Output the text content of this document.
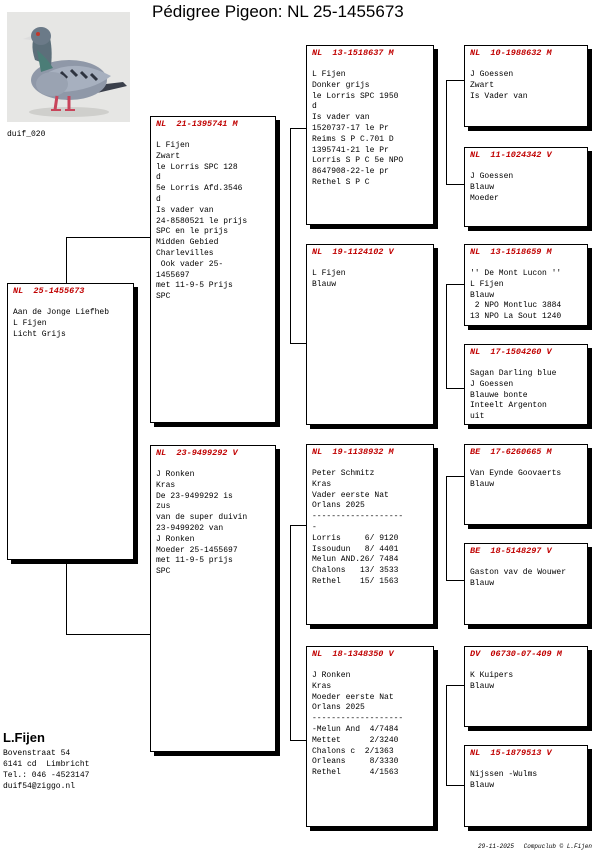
Pédigree Pigeon: NL 25-1455673
duif_020
NL  25-1455673
Aan de Jonge Liefheb
L Fijen
Licht Grijs
NL  21-1395741 M
L Fijen
Zwart
le Lorris SPC 128
d
5e Lorris Afd.3546
d
Is vader van
24-8580521 le prijs
SPC en le prijs
Midden Gebied
Charlevilles
Ook vader 25-
1455697
met 11-9-5 Prijs
SPC
NL  23-9499292 V
J Ronken
Kras
De 23-9499292 is
zus
van de super duivin
23-9499202 van
J Ronken
Moeder 25-1455697
met 11-9-5 prijs
SPC
NL  13-1518637 M
L Fijen
Donker grijs
le Lorris SPC 1950
d
Is vader van
1520737-17 le Pr
Reims S P C.701 D
1395741-21 le Pr
Lorris S P C 5e NPO
8647908-22-le pr
Rethel S P C
NL  19-1124102 V
L Fijen
Blauw
NL  19-1138932 M
Peter Schmitz
Kras
Vader eerste Nat
Orlans 2025
-------------------
-
Lorris     6/ 9120
Issoudun   8/ 4401
Melun AND.26/ 7484
Chalons   13/ 3533
Rethel    15/ 1563
NL  18-1348350 V
J Ronken
Kras
Moeder eerste Nat
Orlans 2025
-------------------
-Melun And  4/7484
Mettet      2/3240
Chalons c  2/1363
Orleans     8/3330
Rethel      4/1563
NL  10-1988632 M
J Goessen
Zwart
Is Vader van
NL  11-1024342 V
J Goessen
Blauw
Moeder
NL  13-1518659 M
'' De Mont Lucon ''
L Fijen
Blauw
2 NPO Montluc 3884
13 NPO La Sout 1240
NL  17-1504260 V
Sagan Darling blue
J Goessen
Blauwe bonte
Inteelt Argenton
uit
BE  17-6260665 M
Van Eynde Goovaerts
Blauw
BE  18-5148297 V
Gaston vav de Wouwer
Blauw
DV  06730-07-409 M
K Kuipers
Blauw
NL  15-1879513 V
Nijssen -Wulms
Blauw
L.Fijen
Bovenstraat 54
6141 cd  Limbricht
Tel.: 046 -4523147
duif54@ziggo.nl
29-11-2025 Compuclub © L.Fijen
